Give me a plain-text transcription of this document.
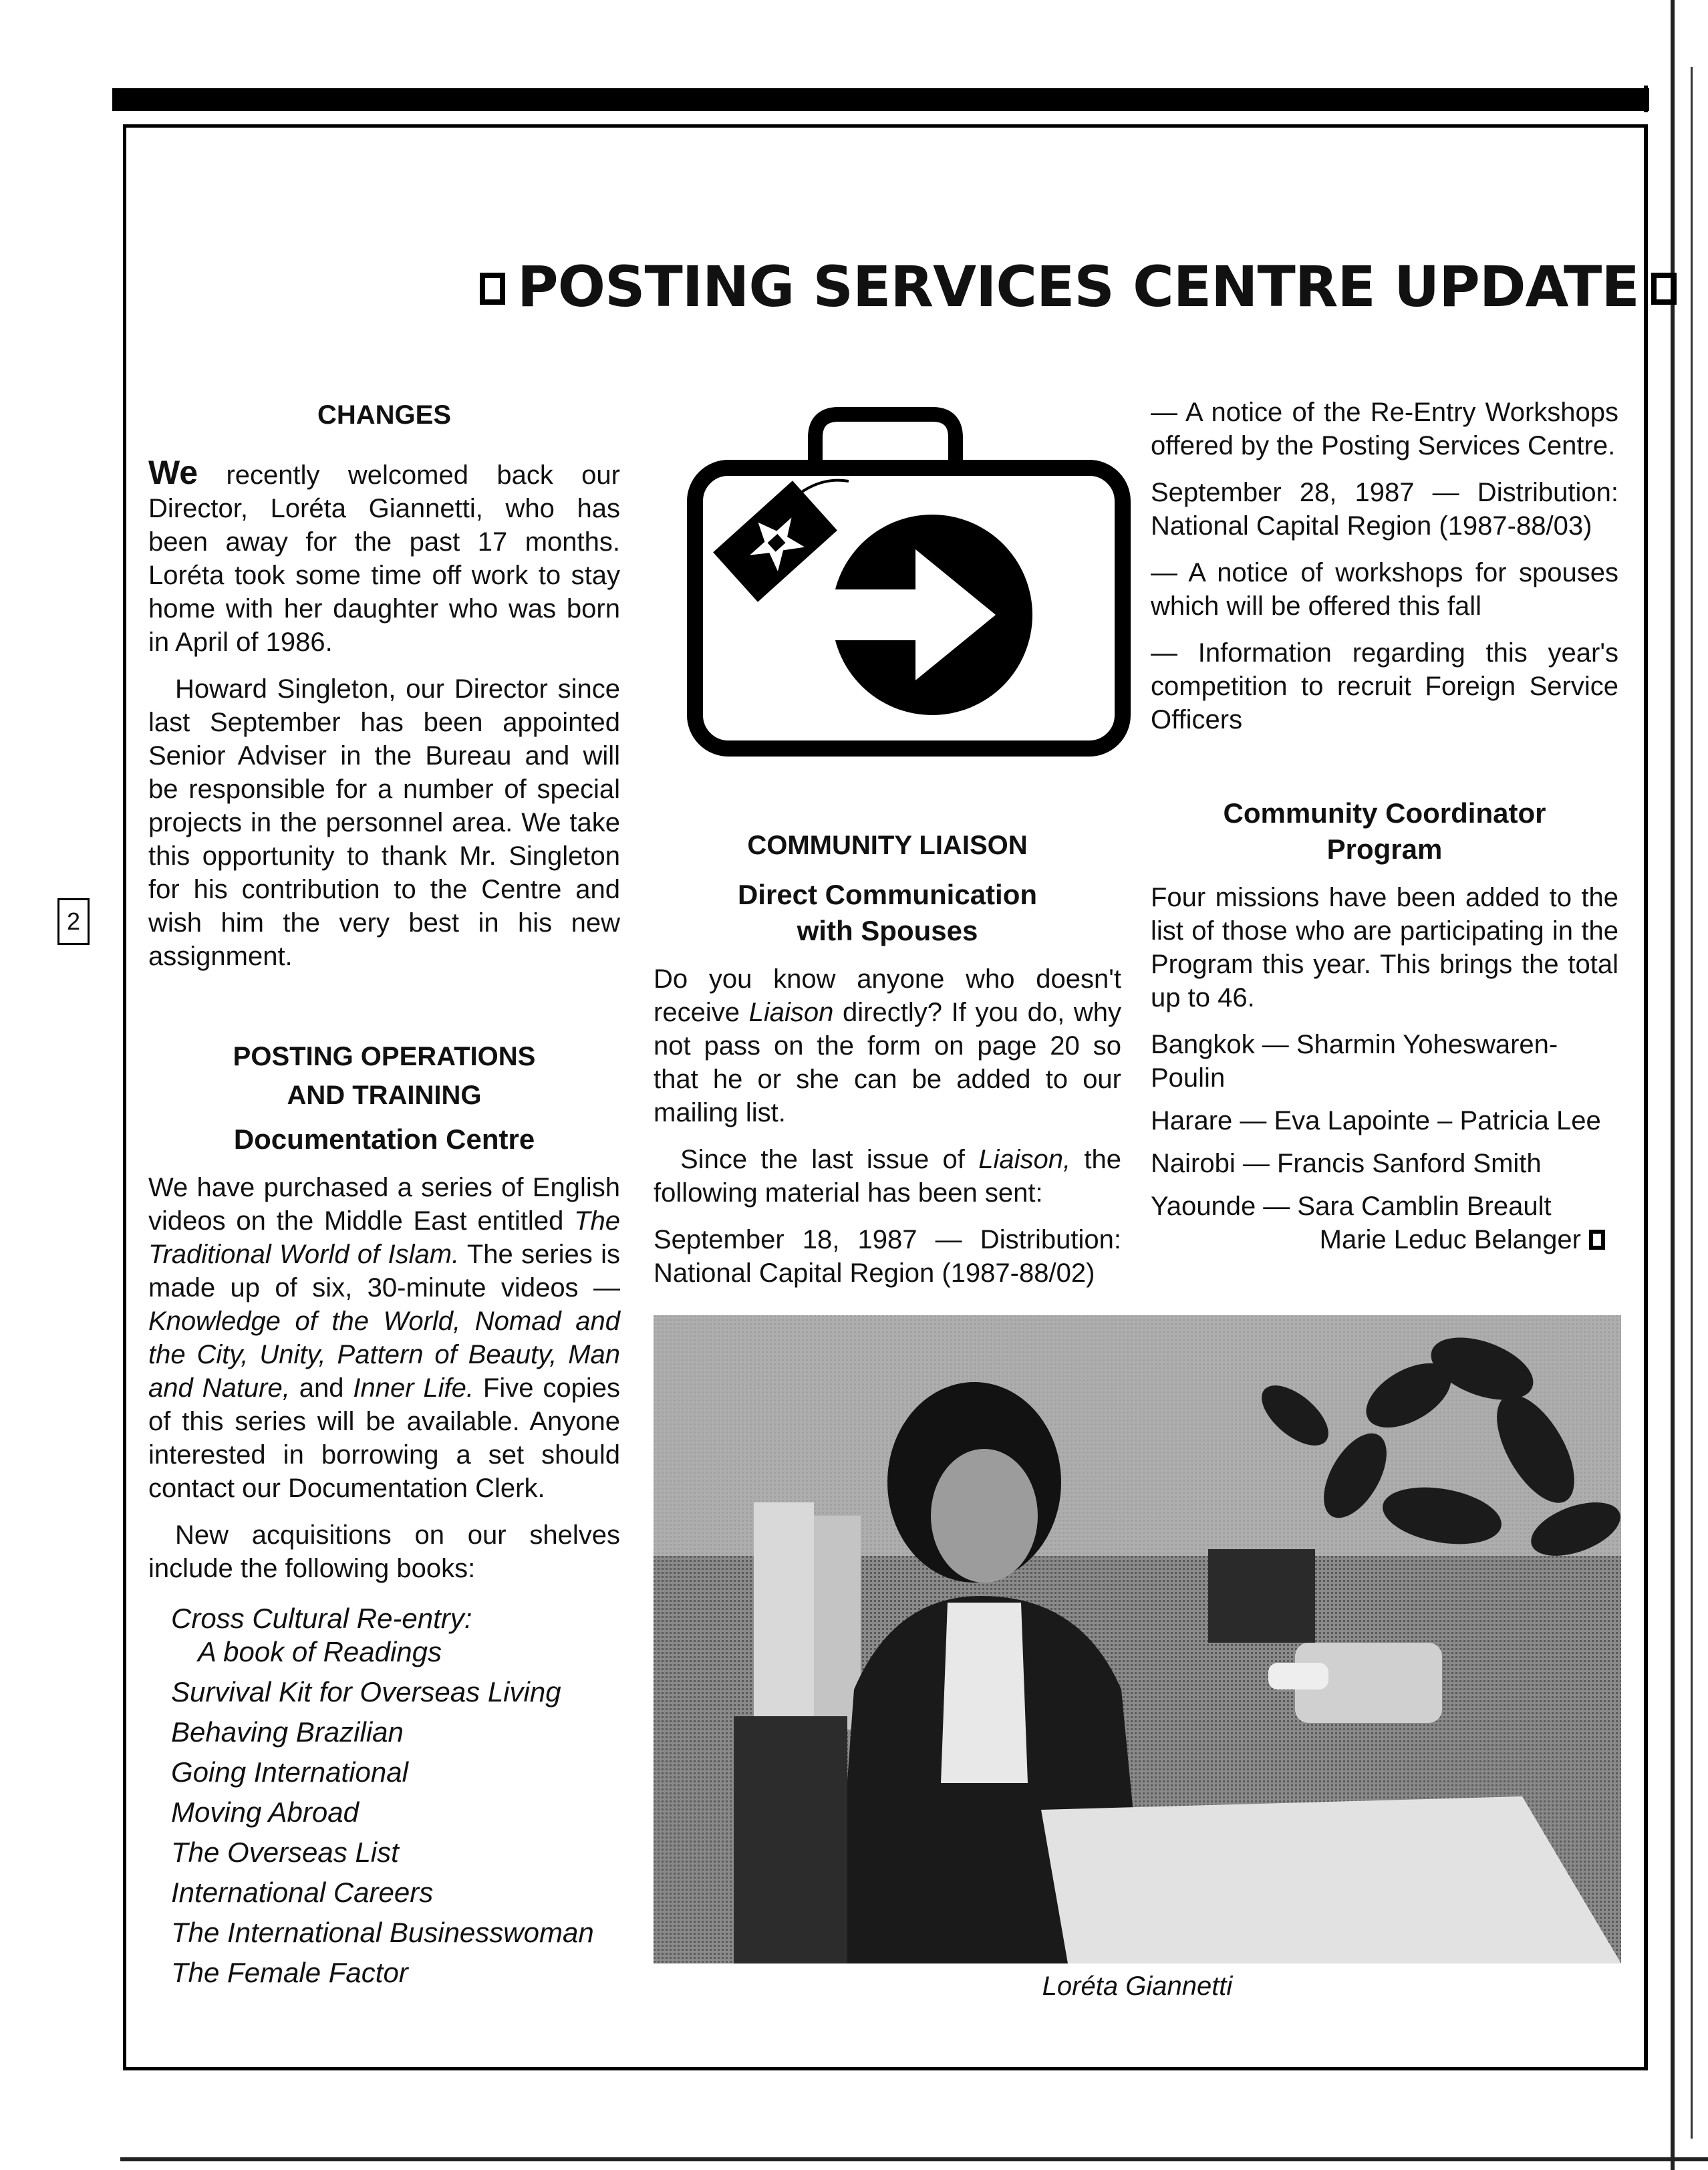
POSTING SERVICES CENTRE UPDATE
2
CHANGES

We recently welcomed back our Director, Loréta Giannetti, who has been away for the past 17 months. Loréta took some time off work to stay home with her daughter who was born in April of 1986.

Howard Singleton, our Director since last September has been appointed Senior Adviser in the Bureau and will be responsible for a number of special projects in the personnel area. We take this opportunity to thank Mr. Singleton for his contribution to the Centre and wish him the very best in his new assignment.

POSTING OPERATIONS
AND TRAINING
Documentation Centre

We have purchased a series of English videos on the Middle East entitled The Traditional World of Islam. The series is made up of six, 30-minute videos — Knowledge of the World, Nomad and the City, Unity, Pattern of Beauty, Man and Nature, and Inner Life. Five copies of this series will be available. Anyone interested in borrowing a set should contact our Documentation Clerk.

New acquisitions on our shelves include the following books:

Cross Cultural Re-entry:
A book of Readings
Survival Kit for Overseas Living
Behaving Brazilian
Going International
Moving Abroad
The Overseas List
International Careers
The International Businesswoman
The Female Factor
COMMUNITY LIAISON
Direct Communication
with Spouses

Do you know anyone who doesn't receive Liaison directly? If you do, why not pass on the form on page 20 so that he or she can be added to our mailing list.

Since the last issue of Liaison, the following material has been sent:

September 18, 1987 — Distribution: National Capital Region (1987-88/02)

— A notice of the Re-Entry Workshops offered by the Posting Services Centre.

September 28, 1987 — Distribution: National Capital Region (1987-88/03)

— A notice of workshops for spouses which will be offered this fall

— Information regarding this year's competition to recruit Foreign Service Officers

Community Coordinator
Program

Four missions have been added to the list of those who are participating in the Program this year. This brings the total up to 46.

Bangkok — Sharmin Yoheswaren-Poulin

Harare — Eva Lapointe – Patricia Lee

Nairobi — Francis Sanford Smith

Yaounde — Sara Camblin Breault

Marie Leduc Belanger

Loréta Giannetti
